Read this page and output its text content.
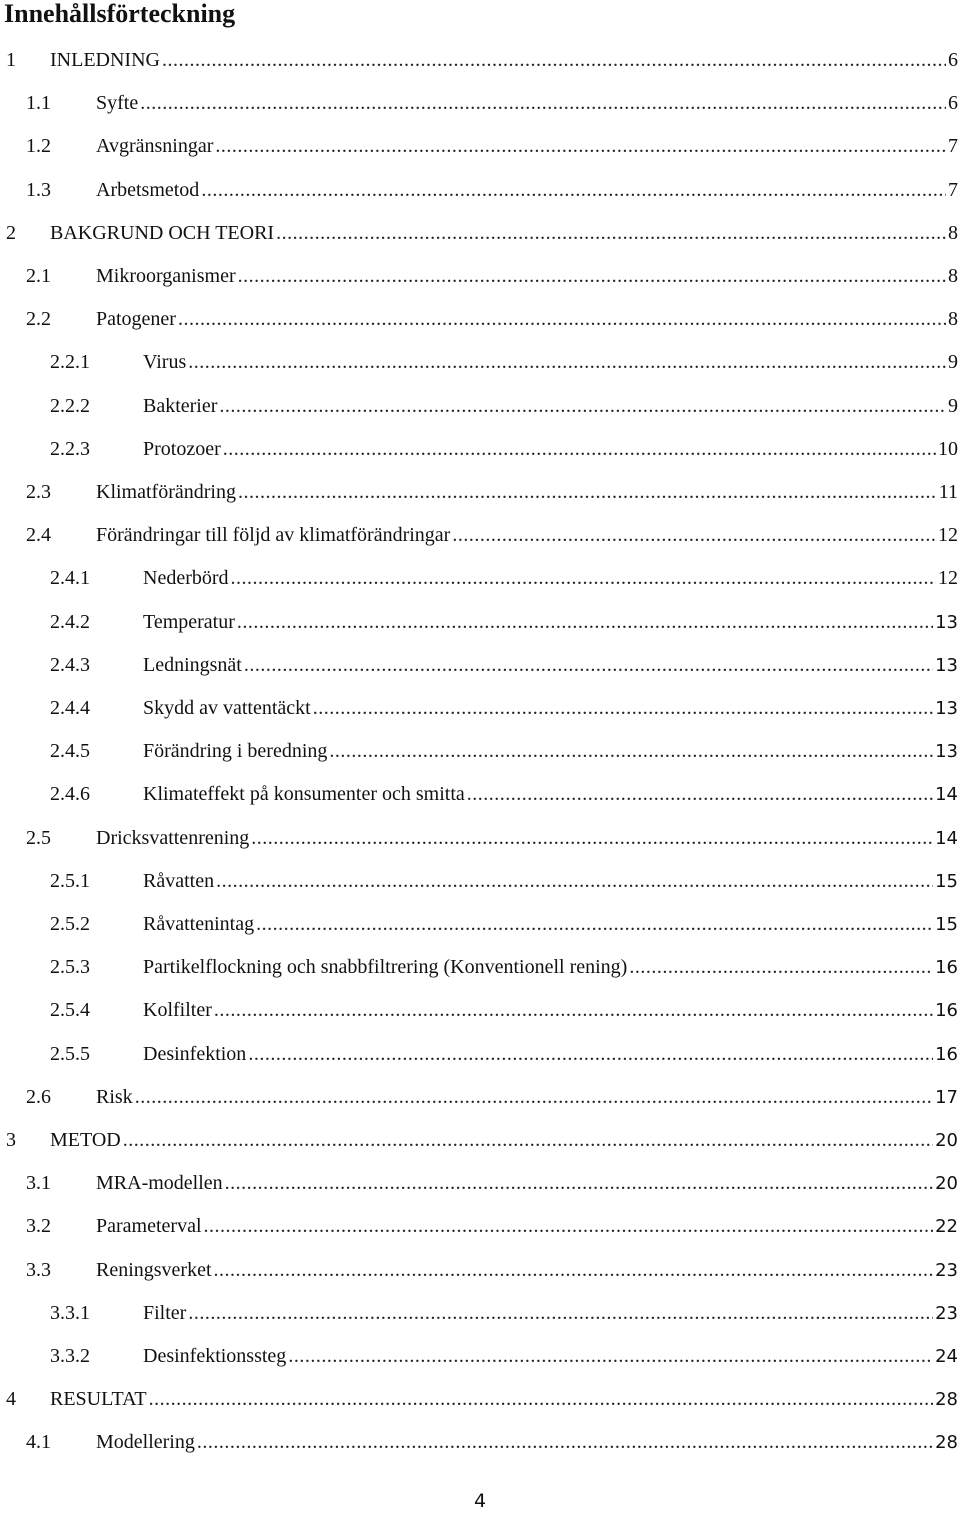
Innehållsförteckning
1	INLEDNING .....	6
1.1	Syfte .....	6
1.2	Avgränsningar .....	7
1.3	Arbetsmetod .....	7
2	BAKGRUND OCH TEORI .....	8
2.1	Mikroorganismer .....	8
2.2	Patogener .....	8
2.2.1	Virus .....	9
2.2.2	Bakterier .....	9
2.2.3	Protozoer .....	10
2.3	Klimatförändring .....	11
2.4	Förändringar till följd av klimatförändringar .....	12
2.4.1	Nederbörd .....	12
2.4.2	Temperatur .....	13
2.4.3	Ledningsnät .....	13
2.4.4	Skydd av vattentäckt .....	13
2.4.5	Förändring i beredning .....	13
2.4.6	Klimateffekt på konsumenter och smitta .....	14
2.5	Dricksvattenrening .....	14
2.5.1	Råvatten .....	15
2.5.2	Råvattenintag .....	15
2.5.3	Partikelflockning och snabbfiltrering (Konventionell rening) .....	16
2.5.4	Kolfilter .....	16
2.5.5	Desinfektion .....	16
2.6	Risk .....	17
3	METOD .....	20
3.1	MRA-modellen .....	20
3.2	Parameterval .....	22
3.3	Reningsverket .....	23
3.3.1	Filter .....	23
3.3.2	Desinfektionssteg .....	24
4	RESULTAT .....	28
4.1	Modellering .....	28
4
